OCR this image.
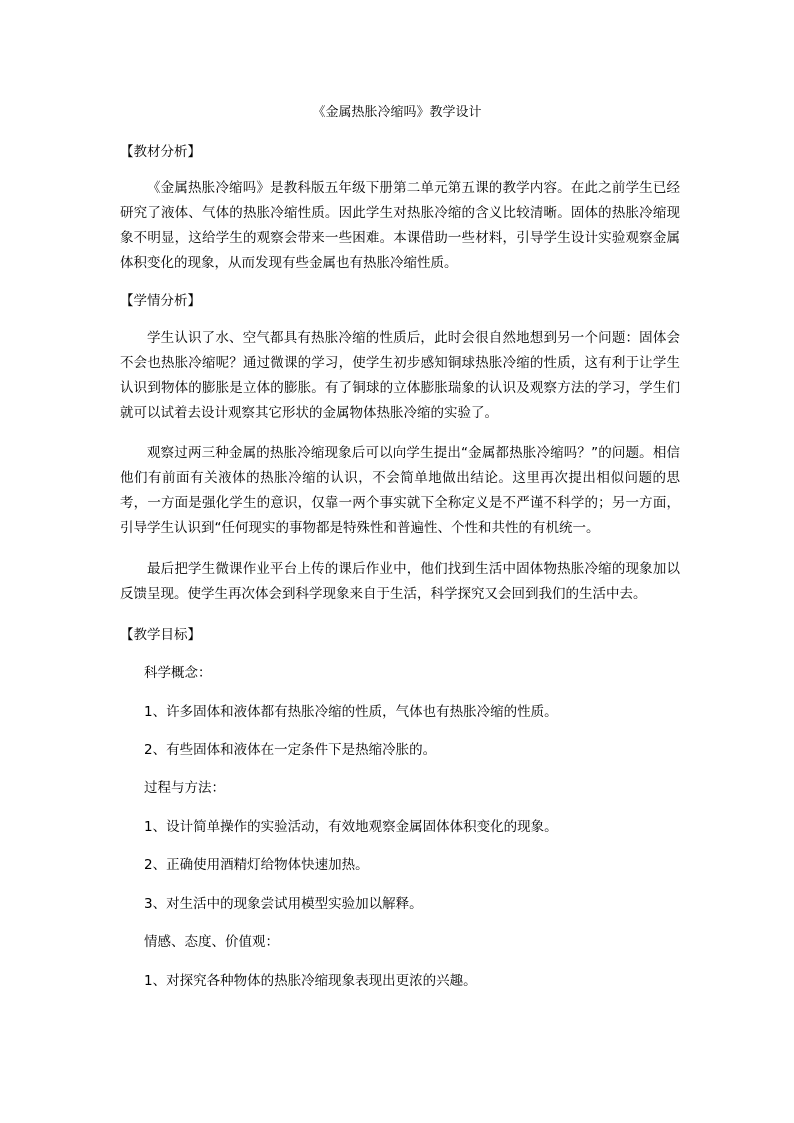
《金属热胀冷缩吗》教学设计
【教材分析】
《金属热胀冷缩吗》是教科版五年级下册第二单元第五课的教学内容。在此之前学生已经研究了液体、气体的热胀冷缩性质。因此学生对热胀冷缩的含义比较清晰。固体的热胀冷缩现象不明显，这给学生的观察会带来一些困难。本课借助一些材料，引导学生设计实验观察金属体积变化的现象，从而发现有些金属也有热胀冷缩性质。
【学情分析】
学生认识了水、空气都具有热胀冷缩的性质后，此时会很自然地想到另一个问题：固体会不会也热胀冷缩呢？通过微课的学习，使学生初步感知铜球热胀冷缩的性质，这有利于让学生认识到物体的膨胀是立体的膨胀。有了铜球的立体膨胀瑞象的认识及观察方法的学习，学生们就可以试着去设计观察其它形状的金属物体热胀冷缩的实验了。
观察过两三种金属的热胀冷缩现象后可以向学生提出“金属都热胀冷缩吗？”的问题。相信他们有前面有关液体的热胀冷缩的认识，不会简单地做出结论。这里再次提出相似问题的思考，一方面是强化学生的意识，仅靠一两个事实就下全称定义是不严谨不科学的；另一方面，引导学生认识到“任何现实的事物都是特殊性和普遍性、个性和共性的有机统一。
最后把学生微课作业平台上传的课后作业中，他们找到生活中固体物热胀冷缩的现象加以反馈呈现。使学生再次体会到科学现象来自于生活，科学探究又会回到我们的生活中去。
【教学目标】
科学概念：
1、许多固体和液体都有热胀冷缩的性质，气体也有热胀冷缩的性质。
2、有些固体和液体在一定条件下是热缩冷胀的。
过程与方法：
1、设计简单操作的实验活动，有效地观察金属固体体积变化的现象。
2、正确使用酒精灯给物体快速加热。
3、对生活中的现象尝试用模型实验加以解释。
情感、态度、价值观：
1、对探究各种物体的热胀冷缩现象表现出更浓的兴趣。
